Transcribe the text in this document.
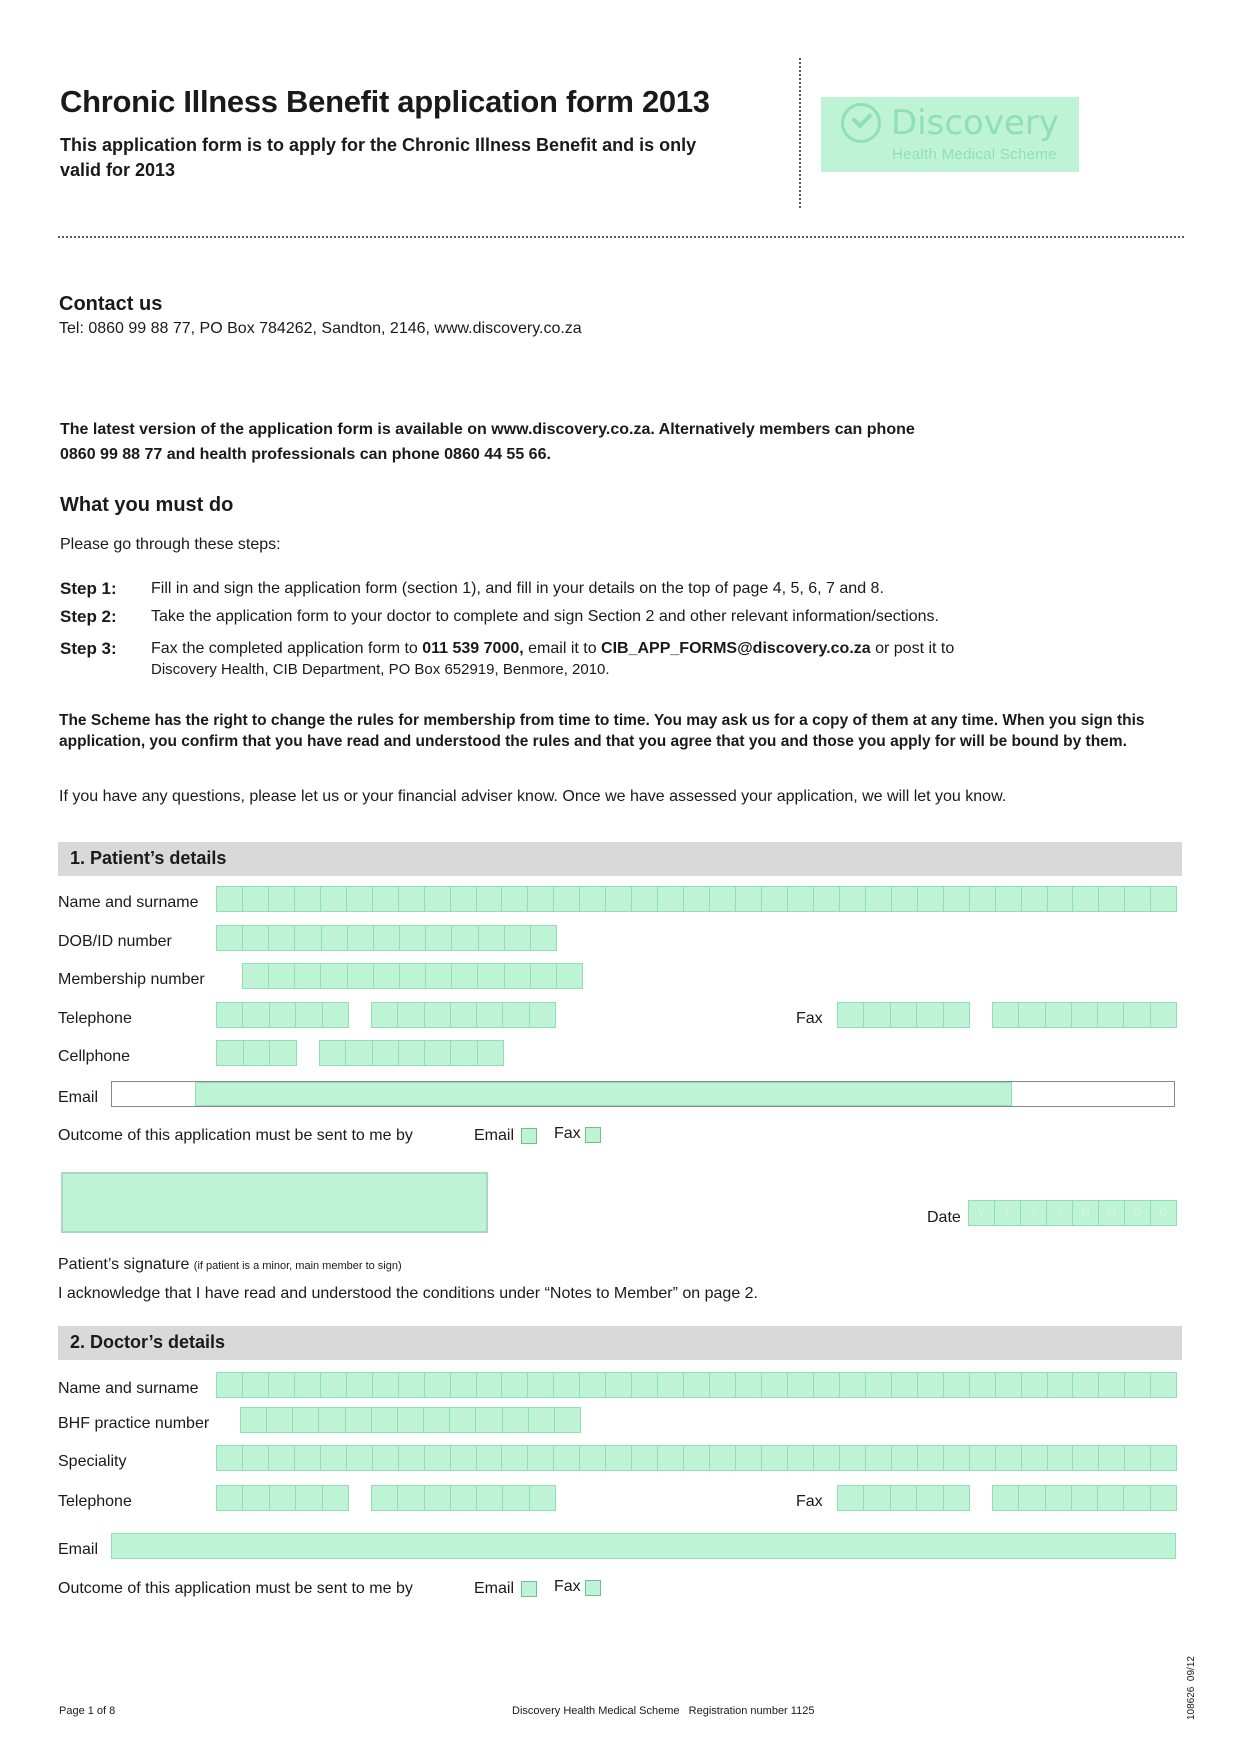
Chronic Illness Benefit application form 2013
This application form is to apply for the Chronic Illness Benefit and is only valid for 2013
Discovery
Health Medical Scheme
Contact us
Tel: 0860 99 88 77, PO Box 784262, Sandton, 2146, www.discovery.co.za
The latest version of the application form is available on www.discovery.co.za. Alternatively members can phone
0860 99 88 77 and health professionals can phone 0860 44 55 66.
What you must do
Please go through these steps:
Step 1: Fill in and sign the application form (section 1), and fill in your details on the top of page 4, 5, 6, 7 and 8.
Step 2: Take the application form to your doctor to complete and sign Section 2 and other relevant information/sections.
Step 3: Fax the completed application form to 011 539 7000, email it to CIB_APP_FORMS@discovery.co.za or post it to
Discovery Health, CIB Department, PO Box 652919, Benmore, 2010.
The Scheme has the right to change the rules for membership from time to time. You may ask us for a copy of them at any time. When you sign this application, you confirm that you have read and understood the rules and that you agree that you and those you apply for will be bound by them.
If you have any questions, please let us or your financial adviser know. Once we have assessed your application, we will let you know.
1. Patient’s details
Name and surname
DOB/ID number
Membership number
Telephone	Fax
Cellphone
Email
Outcome of this application must be sent to me by	Email Fax
Date	Y	Y	Y	Y	M	M	D	D
Patient’s signature (if patient is a minor, main member to sign)
I acknowledge that I have read and understood the conditions under “Notes to Member” on page 2.
2. Doctor’s details
Name and surname
BHF practice number
Speciality
Telephone	Fax
Email
Outcome of this application must be sent to me by	Email Fax
Page 1 of 8	Discovery Health Medical Scheme   Registration number 1125	108626  09/12
